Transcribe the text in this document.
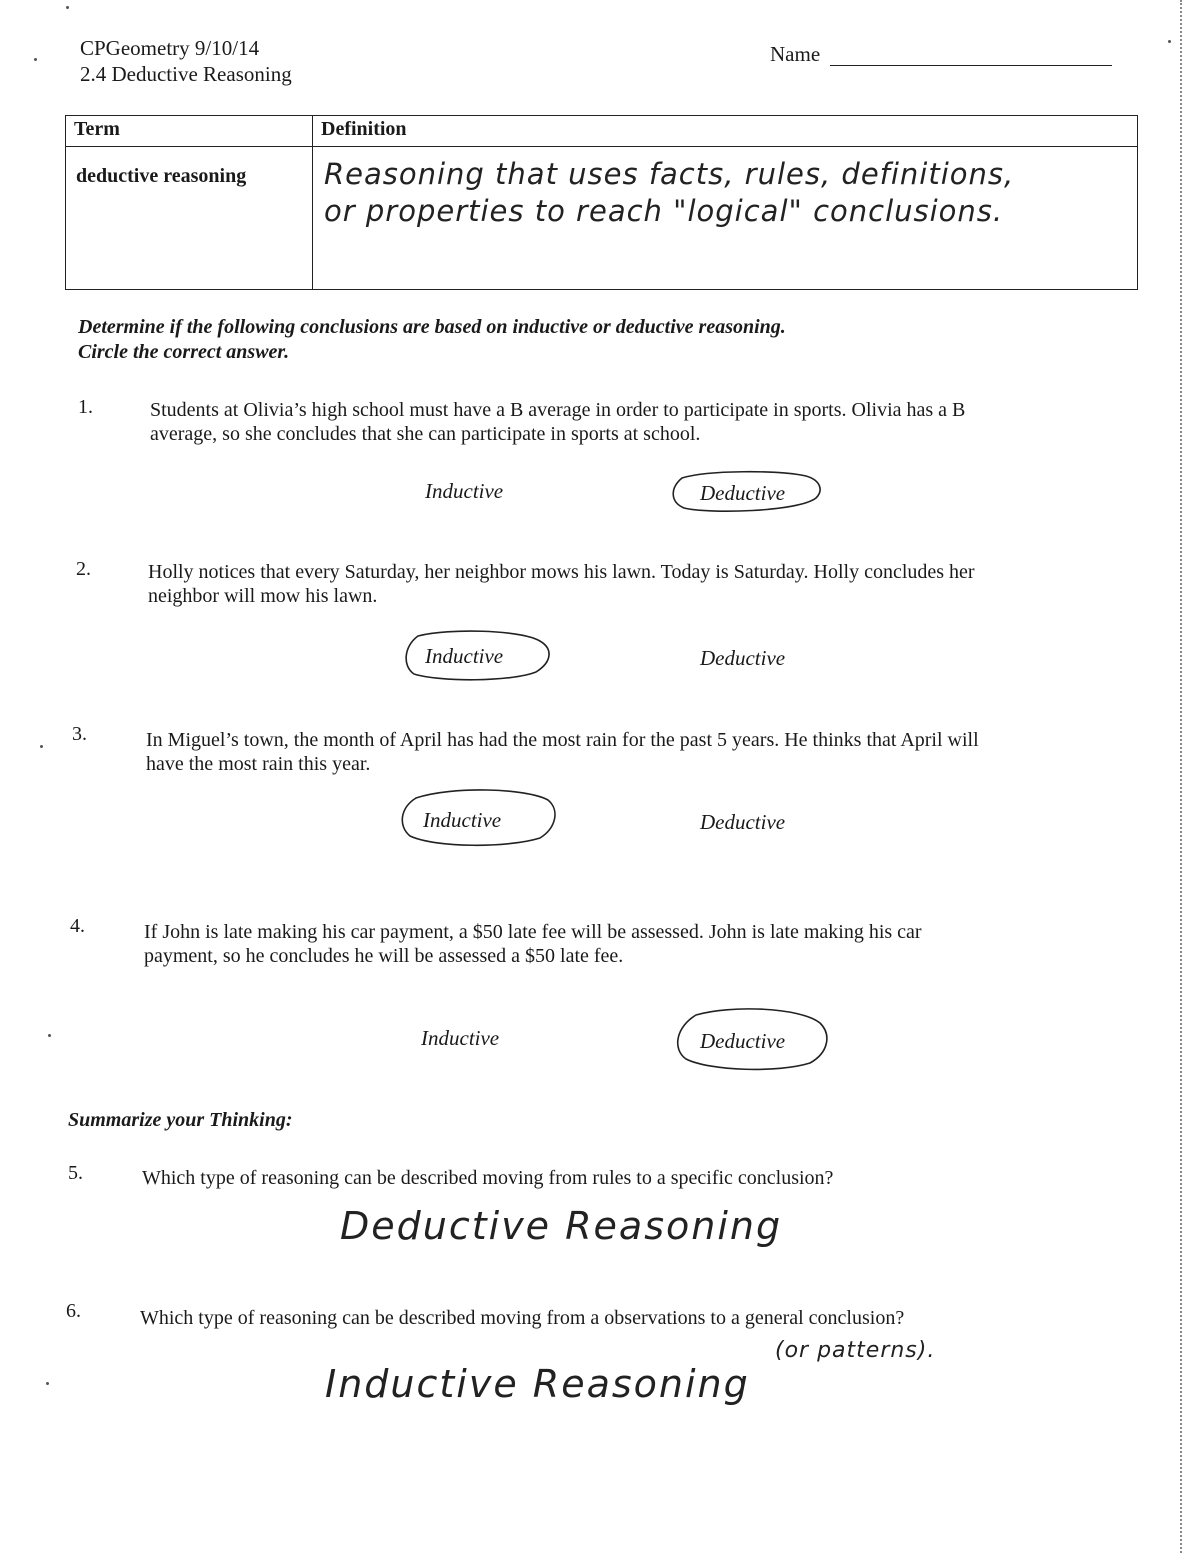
CPGeometry 9/10/14
2.4 Deductive Reasoning
Name
Term	Definition
deductive reasoning	Reasoning that uses facts, rules, definitions,
or properties to reach "logical" conclusions.
Determine if the following conclusions are based on inductive or deductive reasoning.
Circle the correct answer.
1.	Students at Olivia’s high school must have a B average in order to participate in sports. Olivia has a B
average, so she concludes that she can participate in sports at school.
Inductive	Deductive
2.	Holly notices that every Saturday, her neighbor mows his lawn. Today is Saturday. Holly concludes her
neighbor will mow his lawn.
Inductive	Deductive
3.	In Miguel’s town, the month of April has had the most rain for the past 5 years. He thinks that April will
have the most rain this year.
Inductive	Deductive
4.	If John is late making his car payment, a $50 late fee will be assessed. John is late making his car
payment, so he concludes he will be assessed a $50 late fee.
Inductive	Deductive
Summarize your Thinking:
5.	Which type of reasoning can be described moving from rules to a specific conclusion?
Deductive Reasoning
6.	Which type of reasoning can be described moving from a observations to a general conclusion?
Inductive Reasoning
(or patterns).
